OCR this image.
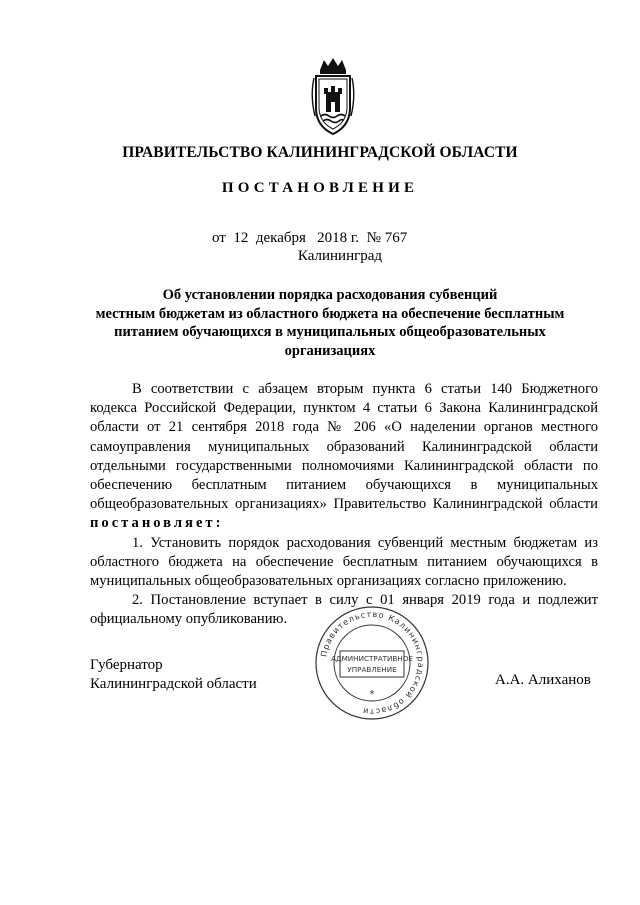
ПРАВИТЕЛЬСТВО КАЛИНИНГРАДСКОЙ ОБЛАСТИ
ПОСТАНОВЛЕНИЕ
от 12 декабря 2018 г. № 767
Калининград
Об установлении порядка расходования субвенций
местным бюджетам из областного бюджета на обеспечение бесплатным
питанием обучающихся в муниципальных общеобразовательных
организациях

В соответствии с абзацем вторым пункта 6 статьи 140 Бюджетного кодекса Российской Федерации, пунктом 4 статьи 6 Закона Калининградской области от 21 сентября 2018 года № 206 «О наделении органов местного самоуправления муниципальных образований Калининградской области отдельными государственными полномочиями Калининградской области по обеспечению бесплатным питанием обучающихся в муниципальных общеобразовательных организациях» Правительство Калининградской области постановляет:

1. Установить порядок расходования субвенций местным бюджетам из областного бюджета на обеспечение бесплатным питанием обучающихся в муниципальных общеобразовательных организациях согласно приложению.

2. Постановление вступает в силу с 01 января 2019 года и подлежит официальному опубликованию.

Губернатор
Калининградской области
Правительство Калининградской области
АДМИНИСТРАТИВНОЕ
УПРАВЛЕНИЕ
*
А.А. Алиханов
